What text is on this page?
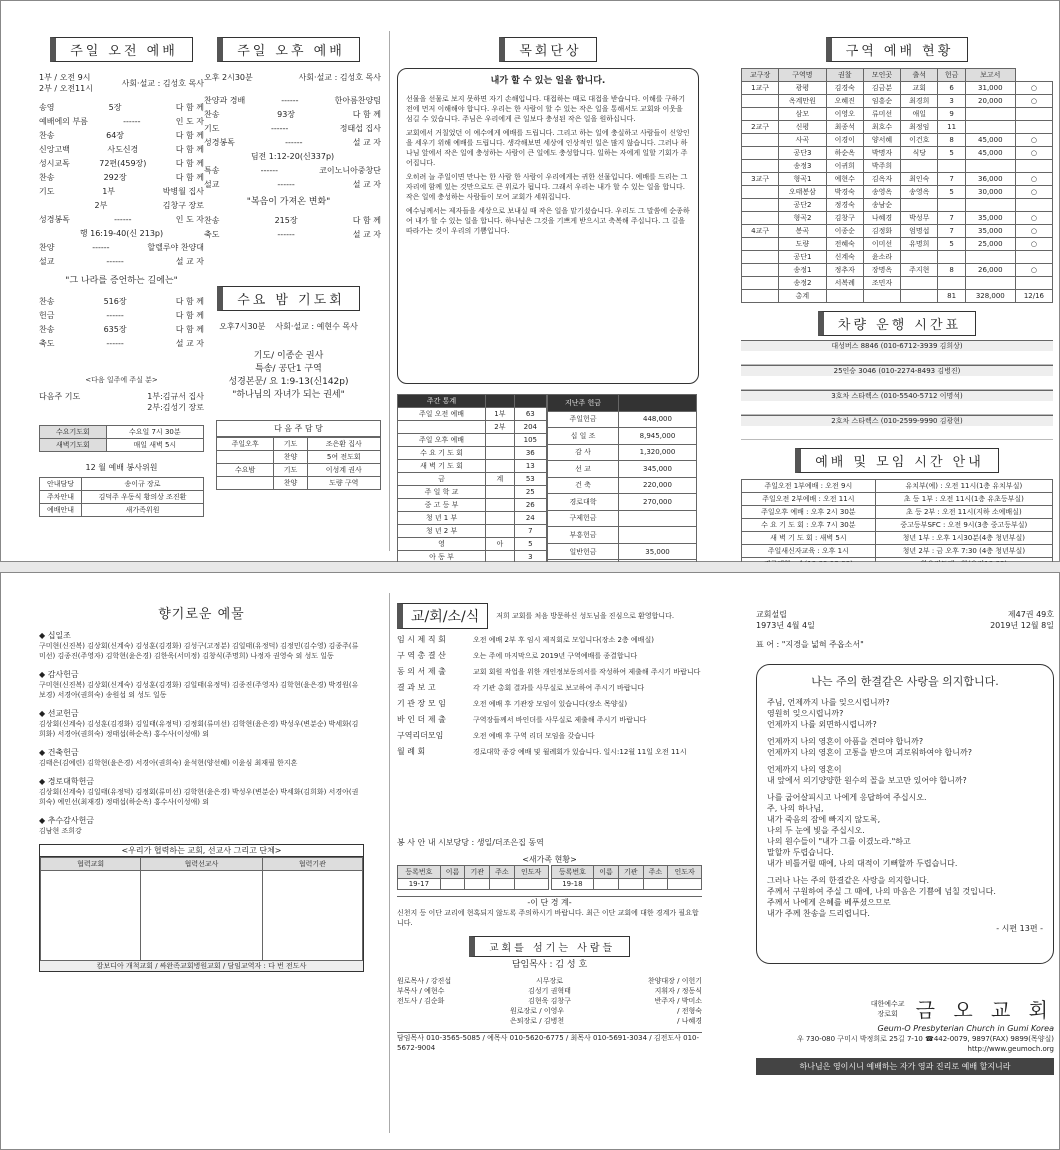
주일 오전 예배
1부 / 오전 9시
2부 / 오전11시
사회·설교 : 김성호 목사
송영	5장	다 함 께
예배에의 부름	------	인 도 자
찬송	64장	다 함 께
신앙고백	사도신경	다 함 께
성시교독	72편(459장)	다 함 께
찬송	292장	다 함 께
기도	1부	박병월 집사
2부	김창구 장로
성경봉독	------	인 도 자
행 16:19-40(신 213p)
찬양	------	할렐루야 찬양대
설교	------	설 교 자
"그 나라를 증언하는 길에는"
찬송	516장	다 함 께
헌금	------	다 함 께
찬송	635장	다 함 께
축도	------	설 교 자
<다음 일주에 주실 분>
다음주 기도	1부:김규서 집사
2부:김성기 장로
수요기도회	수요일 7시 30분
새벽기도회	매일 새벽 5시
12 월 예배 봉사위원
안내담당	송이규 장로
주차안내	김덕주 우동식 황의상 조진환
예배안내	새가족위원
주일 오후 예배
오후 2시30분	사회·설교 : 김성호 목사
찬양과 경배	------	한아름찬양팀
찬송	93장	다 함 께
기도	------	정태섭 집사
성경봉독	------	설 교 자
딤전 1:12-20(신337p)
특송	------	코이노니아중창단
설교	------	설 교 자
"복음이 가져온 변화"
찬송	215장	다 함 께
축도	------	설 교 자
수요 밤 기도회
오후7시30분 사회·설교 : 예현수 목사
기도/ 이종순 권사
특송/ 공단1 구역
성경본문/ 요 1:9-13(신142p)
"하나님의 자녀가 되는 권세"
다 음 주 담 당
주일오후	기도	조은환 집사
	찬양	5여 전도회
수요밤	기도	이성계 권사
	찬양	도량 구역
목회단상
내가 할 수 있는 일을 합니다.

선물을 선물로 보지 못하면 자기 손해입니다. 대접하는 때로 대접을 받습니다. 이해를 구하기 전에 먼저 이해해야 합니다. 우리는 한 사람이 할 수 있는 작은 일을 통해서도 교회와 이웃을 섬길 수 있습니다. 주님은 우리에게 큰 일보다 충성된 작은 일을 원하십니다.

교회에서 거칠었던 이 예수에게 예배를 드립니다. 그리고 하는 일에 충실하고 사람들이 신앙인을 세우기 위해 예배를 드립니다. 생각해보면 세상에 인상적인 일은 많지 않습니다. 그러나 하나님 앞에서 작은 일에 충성하는 사람이 큰 일에도 충성합니다. 일하는 자에게 일할 기회가 주어집니다.

오히려 늘 주일이면 만나는 한 사람 한 사람이 우리에게는 귀한 선물입니다. 예배를 드리는 그 자리에 함께 있는 것만으로도 큰 위로가 됩니다. 그래서 우리는 내가 할 수 있는 일을 합니다. 작은 일에 충성하는 사람들이 모여 교회가 세워집니다.

예수님께서는 제자들을 세상으로 보내실 때 작은 일을 맡기셨습니다. 우리도 그 말씀에 순종하여 내가 할 수 있는 일을 합니다. 하나님은 그것을 기쁘게 받으시고 축복해 주십니다. 그 길을 따라가는 것이 우리의 기쁨입니다.

주간 통계		
주일 오전 예배	1부	63
	2부	204
주일 오후 예배		105
수 요 기 도 회		36
새 벽 기 도 회		13
금	계	53
주 일 학 교		25
중 고 등 부		26
청 년 1 부		24
청 년 2 부		7
영	아	5
아 동 부		3

지난주 헌금	
주일헌금	448,000
십 일 조	8,945,000
감 사	1,320,000
선 교	345,000
건 축	220,000
경로대학	270,000
구제헌금	
부흥헌금	
일반헌금	35,000

구역 예배 현황
교구장	구역명	권찰	모인곳	출석	헌금	보고서	
1교구	광평	김경숙	김금분	교회	6	31,000	○
	옥계만원	오혜진	임흥순	최경희	3	20,000	○
	삼모	이영오	류미선	애일	9		
2교구	신평	최종석	최호수	최정임	11		
	사곡	이경이	양서혜	이건호	8	45,000	○
	공단3	하순옥	박명자	식당	5	45,000	○
	송정3	이귀희	박주희				
3교구	형곡1	예현수	김옥자	최인숙	7	36,000	○
	오태봉삼	박경숙	송영옥	송영옥	5	30,000	○
	공단2	정경숙	송남순				
	형곡2	김창구	나혜경	박성무	7	35,000	○
4교구	봉곡	이종순	김정화	엄명섭	7	35,000	○
	도량	전혜숙	이미선	유명희	5	25,000	○
	공단1	신계숙	윤소라				
	송정1	정추자	장명옥	주지현	8	26,000	○
	송정2	서복례	조민자				
	총계				81	328,000	12/16
차량 운행 시간표
대성버스 8846 (010-6712-3939 김희상)
25인승 3046 (010-2274-8493 김병진)
3호차 스타렉스 (010-5540-5712 이명석)
2호차 스타렉스 (010-2599-9990 김광현)
예배 및 모임 시간 안내
주일오전 1부예배 : 오전 9시	유치부(예) : 오전 11시(1층 유치부실)
주일오전 2부예배 : 오전 11시	초 등 1부 : 오전 11시(1층 유초등부실)
주일오후 예배 : 오후 2시 30분	초 등 2부 : 오전 11시(지하 소예배실)
수 요 기 도 회 : 오후 7시 30분	중고등부SFC : 오전 9시(3층 중고등부실)
새 벽 기 도 회 : 새벽 5시	청년 1부 : 오후 1시30분(4층 청년부실)
주일새신자교육 : 오후 1시	청년 2부 : 금 오후 7:30 (4층 청년부실)

향기로운 예물
◆ 십일조
구미현(신진복) 김상회(신계숙) 김성훈(김경화) 김성구(고정분) 김일태(유정덕) 김정민(김수영) 김종주(류미선) 김종진(주영자) 김학현(윤은경) 김한욱(서미정) 김창식(주명희) 나정자 권영숙 외 성도 일동
◆ 감사헌금
구미현(신진복) 김상회(신계숙) 김성훈(김경화) 김일태(유정덕) 김종진(주영자) 김학현(윤은경) 박경원(유보경) 서경아(권희숙) 송원섭 외 성도 일동
◆ 선교헌금
김상회(신계숙) 김성훈(김경화) 김일태(유정덕) 김정회(류미선) 김학현(윤은경) 박성우(변분순) 박세화(김희화) 서경아(권희숙) 정태섭(하순옥) 홍수사(이성애) 외
◆ 건축헌금
김태은(김예린) 김학현(윤은경) 서경아(권희숙) 윤석현(양선혜) 이윤심 최재필 한지혼
◆ 경로대학헌금
김상회(신계숙) 김일태(유정덕) 김정회(류미선) 김학현(윤은경) 박성우(변분순) 박세화(김희화) 서경아(권희숙) 예인선(최재경) 정태섭(하순옥) 홍수사(이성애) 외
◆ 추수감사헌금
김남현 조희강
<우리가 협력하는 교회, 선교사 그리고 단체>
협력교회	협력선교사	협력기관

캄보디아 개척교회 / 싸완족교회병원교회 / 담임교역자 : 다 번 전도사
교/회/소/식	저희 교회를 처음 방문하신 성도님을 진심으로 환영합니다.
임 시 제 직 회	오전 예배 2부 후 임시 제직회로 모입니다(장소 2층 예배실)
구 역 총 결 산	오는 주에 마지막으로 2019년 구역예배를 종결합니다
동 의 서 제 출	교회 회원 작업을 위한 개인정보동의서를 작성하여 제출해 주시기 바랍니다
결 과 보 고	각 기관 총회 결과를 사무실로 보고하여 주시기 바랍니다
기 관 장 모 임	오전 예배 후 기관장 모임이 있습니다(장소 목양실)
바 인 더 제 출	구역장들께서 바인더를 사무실로 제출해 주시기 바랍니다
구역리더모임	오전 예배 후 구역 리더 모임을 갖습니다
월 례 회	경로대학 종강 예배 및 월례회가 있습니다. 일시:12월 11일 오전 11시
봉 사 안 내 시보당당 : 생일/더조은집 동역
<새가족 현황>
등록번호	이름	기관	주소	인도자
19-17				
등록번호	이름	기관	주소	인도자
19-18				
-이 단 경 계-
신천지 등 이단 교리에 현혹되지 않도록 주의하시기 바랍니다. 최근 이단 교회에 대한 경계가 필요합니다.
교회를 섬기는 사람들
담임목사 : 김 성 호
원로목사 / 강진섭	시무장로	찬양대장 / 이헌기
부목사 / 예현수	김성기 권혁태	지휘자 / 정동식
전도사 / 김순화	김현욱 김창구	반주자 / 박미소
원로장로 / 이영우	/ 전형숙
은퇴장로 / 김병천	/ 나혜경
담임목사 010-3565-5085 / 예목사 010-5620-6775 / 최목사 010-5691-3034 / 김전도사 010-5672-9004
교회설립
1973년 4월 4일
제47권 49호
2019년 12월 8일
표 어 : "지경을 넓혀 주옵소서"
나는 주의 한결같은 사랑을 의지합니다.
주님, 언제까지 나를 잊으시렵니까?
영원히 잊으시렵니까?
언제까지 나를 외면하시렵니까?
언제까지 나의 영혼이 아픔을 견뎌야 합니까?
언제까지 나의 영혼이 고통을 받으며 괴로워하여야 합니까?
언제까지 나의 영혼이
내 앞에서 의기양양한 원수의 꼴을 보고만 있어야 합니까?
나를 굽어살피시고 나에게 응답하여 주십시오.
주, 나의 하나님,
내가 죽음의 잠에 빠지지 않도록,
나의 두 눈에 빛을 주십시오.
나의 원수들이 "내가 그를 이겼노라."하고
말할까 두렵습니다.
내가 비틀거릴 때에, 나의 대적이 기뻐할까 두렵습니다.
그러나 나는 주의 한결같은 사랑을 의지합니다.
주께서 구원하여 주실 그 때에, 나의 마음은 기쁨에 넘칠 것입니다.
주께서 나에게 은혜를 베푸셨으므로
내가 주께 찬송을 드리렵니다.
- 시편 13편 -
대한예수교 장로회 금 오 교 회
Geum-O Presbyterian Church in Gumi Korea
우 730-080 구미시 박정희로 25길 7-10 ☎442-0079, 9897(FAX) 9899(목양실)
http://www.geumoch.org
하나님은 영이시니 예배하는 자가 영과 진리로 예배 할지니라
